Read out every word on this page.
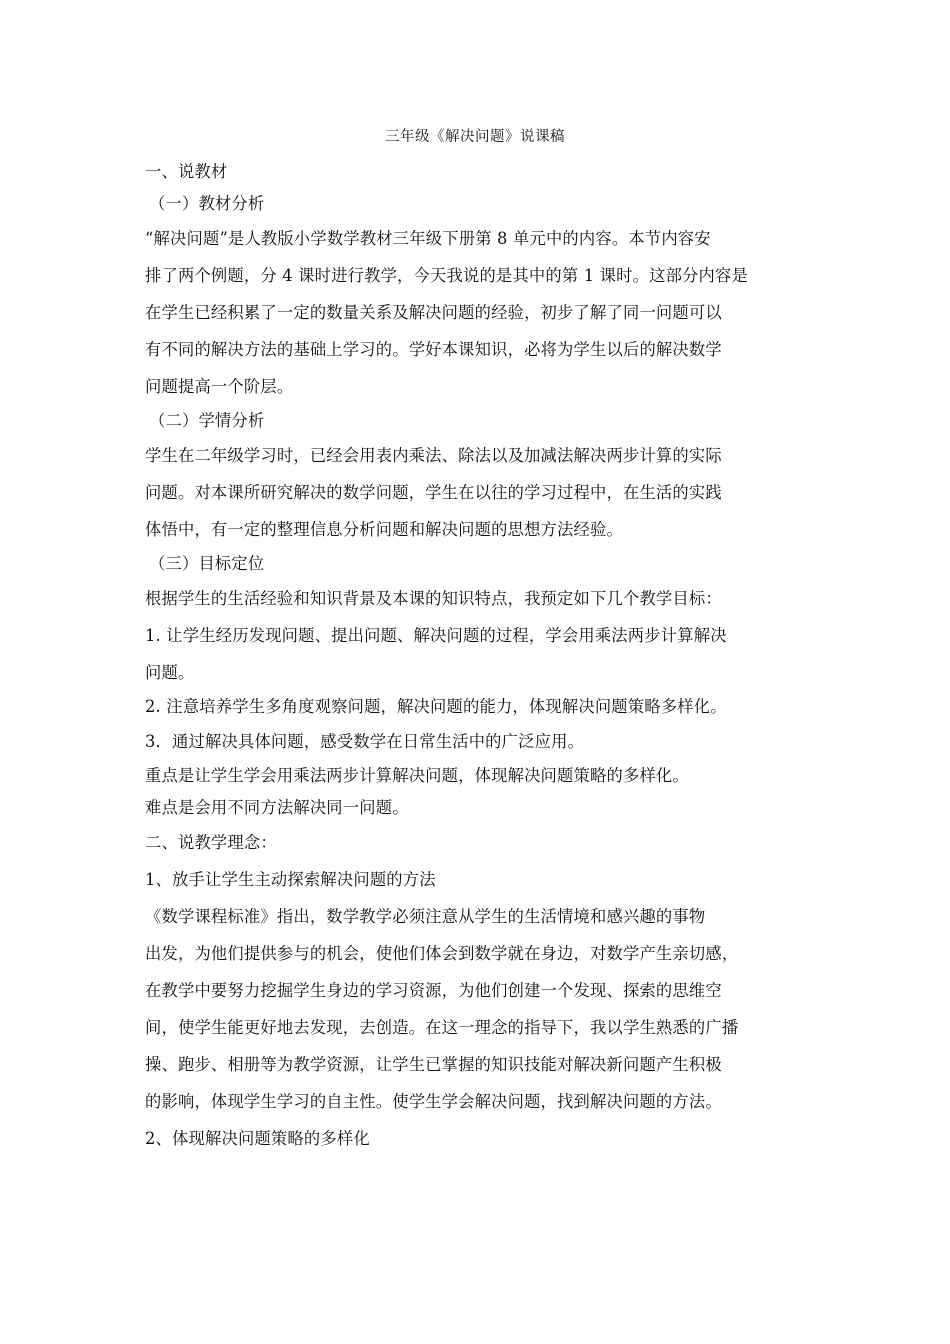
三年级《解决问题》说课稿
一、说教材
（一）教材分析
“解决问题”是人教版小学数学教材三年级下册第 8 单元中的内容。本节内容安
排了两个例题，分 4 课时进行教学，今天我说的是其中的第 1 课时。这部分内容是
在学生已经积累了一定的数量关系及解决问题的经验，初步了解了同一问题可以
有不同的解决方法的基础上学习的。学好本课知识，必将为学生以后的解决数学
问题提高一个阶层。
（二）学情分析
学生在二年级学习时，已经会用表内乘法、除法以及加减法解决两步计算的实际
问题。对本课所研究解决的数学问题，学生在以往的学习过程中，在生活的实践
体悟中，有一定的整理信息分析问题和解决问题的思想方法经验。
（三）目标定位
根据学生的生活经验和知识背景及本课的知识特点，我预定如下几个教学目标：
1. 让学生经历发现问题、提出问题、解决问题的过程，学会用乘法两步计算解决
问题。
2. 注意培养学生多角度观察问题，解决问题的能力，体现解决问题策略多样化。
3．通过解决具体问题，感受数学在日常生活中的广泛应用。
重点是让学生学会用乘法两步计算解决问题，体现解决问题策略的多样化。
难点是会用不同方法解决同一问题。
二、说教学理念：
1、放手让学生主动探索解决问题的方法
《数学课程标准》指出，数学教学必须注意从学生的生活情境和感兴趣的事物
出发，为他们提供参与的机会，使他们体会到数学就在身边，对数学产生亲切感，
在教学中要努力挖掘学生身边的学习资源，为他们创建一个发现、探索的思维空
间，使学生能更好地去发现，去创造。在这一理念的指导下，我以学生熟悉的广播
操、跑步、相册等为教学资源，让学生已掌握的知识技能对解决新问题产生积极
的影响，体现学生学习的自主性。使学生学会解决问题，找到解决问题的方法。
2、体现解决问题策略的多样化
